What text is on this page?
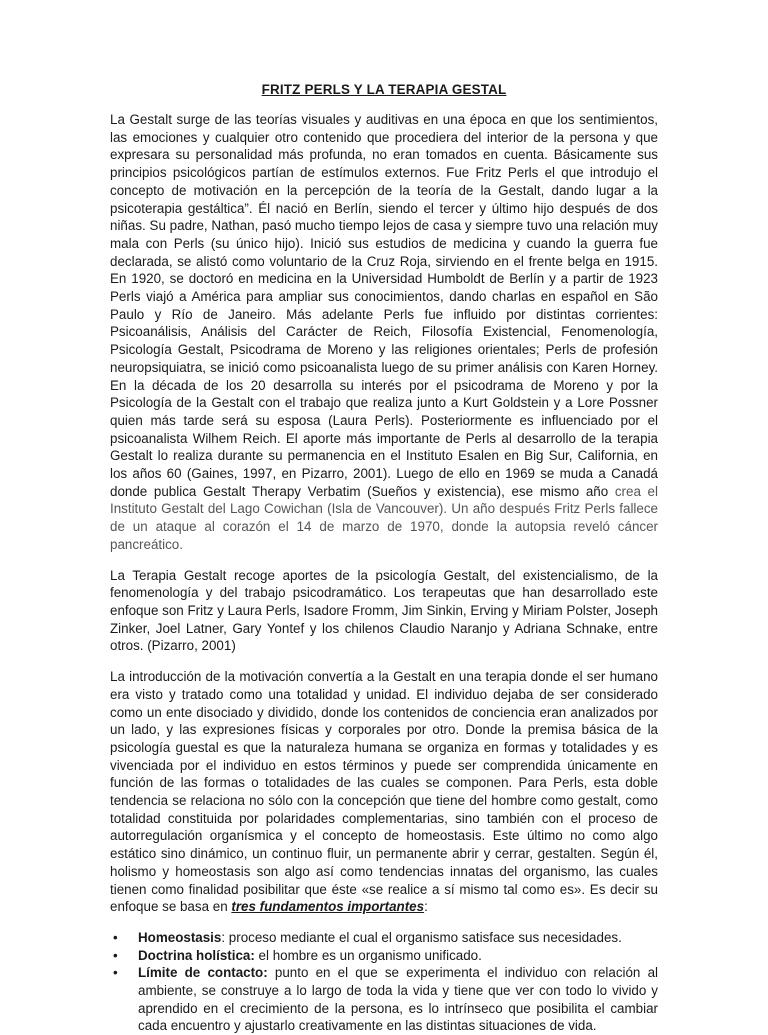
FRITZ PERLS Y LA TERAPIA GESTAL

La Gestalt surge de las teorías visuales y auditivas en una época en que los sentimientos, las emociones y cualquier otro contenido que procediera del interior de la persona y que expresara su personalidad más profunda, no eran tomados en cuenta. Básicamente sus principios psicológicos partían de estímulos externos. Fue Fritz Perls el que introdujo el concepto de motivación en la percepción de la teoría de la Gestalt, dando lugar a la psicoterapia gestáltica”. Él nació en Berlín, siendo el tercer y último hijo después de dos niñas. Su padre, Nathan, pasó mucho tiempo lejos de casa y siempre tuvo una relación muy mala con Perls (su único hijo). Inició sus estudios de medicina y cuando la guerra fue declarada, se alistó como voluntario de la Cruz Roja, sirviendo en el frente belga en 1915. En 1920, se doctoró en medicina en la Universidad Humboldt de Berlín y a partir de 1923 Perls viajó a América para ampliar sus conocimientos, dando charlas en español en São Paulo y Río de Janeiro. Más adelante Perls fue influido por distintas corrientes: Psicoanálisis, Análisis del Carácter de Reich, Filosofía Existencial, Fenomenología, Psicología Gestalt, Psicodrama de Moreno y las religiones orientales; Perls de profesión neuropsiquiatra, se inició como psicoanalista luego de su primer análisis con Karen Horney. En la década de los 20 desarrolla su interés por el psicodrama de Moreno y por la Psicología de la Gestalt con el trabajo que realiza junto a Kurt Goldstein y a Lore Possner quien más tarde será su esposa (Laura Perls). Posteriormente es influenciado por el psicoanalista Wilhem Reich. El aporte más importante de Perls al desarrollo de la terapia Gestalt lo realiza durante su permanencia en el Instituto Esalen en Big Sur, California, en los años 60 (Gaines, 1997, en Pizarro, 2001). Luego de ello en 1969 se muda a Canadá donde publica Gestalt Therapy Verbatim (Sueños y existencia), ese mismo año crea el Instituto Gestalt del Lago Cowichan (Isla de Vancouver). Un año después Fritz Perls fallece de un ataque al corazón el 14 de marzo de 1970, donde la autopsia reveló cáncer pancreático.

La Terapia Gestalt recoge aportes de la psicología Gestalt, del existencialismo, de la fenomenología y del trabajo psicodramático. Los terapeutas que han desarrollado este enfoque son Fritz y Laura Perls, Isadore Fromm, Jim Sinkin, Erving y Miriam Polster, Joseph Zinker, Joel Latner, Gary Yontef y los chilenos Claudio Naranjo y Adriana Schnake, entre otros. (Pizarro, 2001)

La introducción de la motivación convertía a la Gestalt en una terapia donde el ser humano era visto y tratado como una totalidad y unidad. El individuo dejaba de ser considerado como un ente disociado y dividido, donde los contenidos de conciencia eran analizados por un lado, y las expresiones físicas y corporales por otro. Donde la premisa básica de la psicología guestal es que la naturaleza humana se organiza en formas y totalidades y es vivenciada por el individuo en estos términos y puede ser comprendida únicamente en función de las formas o totalidades de las cuales se componen. Para Perls, esta doble tendencia se relaciona no sólo con la concepción que tiene del hombre como gestalt, como totalidad constituida por polaridades complementarias, sino también con el proceso de autorregulación organísmica y el concepto de homeostasis. Este último no como algo estático sino dinámico, un continuo fluir, un permanente abrir y cerrar, gestalten. Según él, holismo y homeostasis son algo así como tendencias innatas del organismo, las cuales tienen como finalidad posibilitar que éste «se realice a sí mismo tal como es». Es decir su enfoque se basa en tres fundamentos importantes:

• Homeostasis: proceso mediante el cual el organismo satisface sus necesidades.
• Doctrina holística: el hombre es un organismo unificado.
• Límite de contacto: punto en el que se experimenta el individuo con relación al ambiente, se construye a lo largo de toda la vida y tiene que ver con todo lo vivido y aprendido en el crecimiento de la persona, es lo intrínseco que posibilita el cambiar cada encuentro y ajustarlo creativamente en las distintas situaciones de vida.
